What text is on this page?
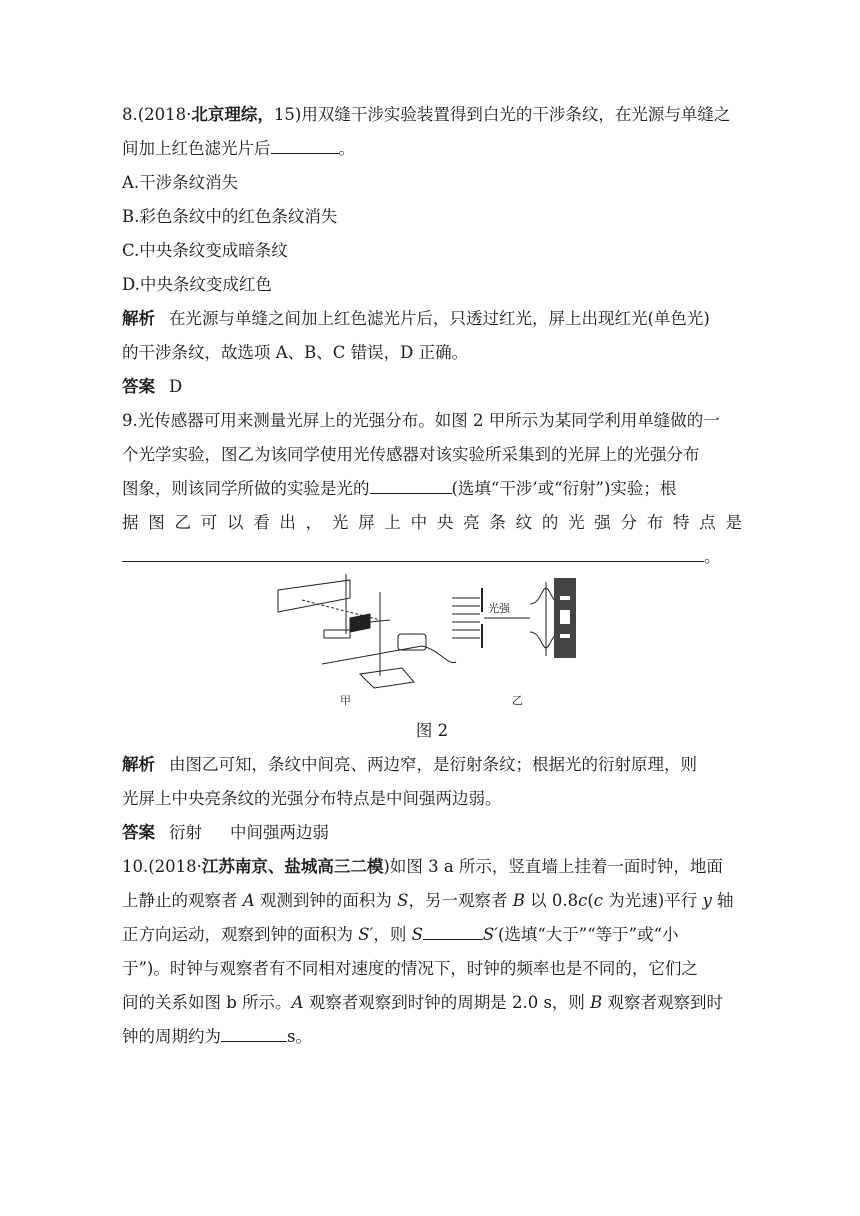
8.(2018·北京理综，15)用双缝干涉实验装置得到白光的干涉条纹，在光源与单缝之
间加上红色滤光片后	。
A.干涉条纹消失
B.彩色条纹中的红色条纹消失
C.中央条纹变成暗条纹
D.中央条纹变成红色
解析 在光源与单缝之间加上红色滤光片后，只透过红光，屏上出现红光(单色光)
的干涉条纹，故选项 A、B、C 错误，D 正确。
答案 D
9.光传感器可用来测量光屏上的光强分布。如图 2 甲所示为某同学利用单缝做的一
个光学实验，图乙为该同学使用光传感器对该实验所采集到的光屏上的光强分布
图象，则该同学所做的实验是光的	(选填“干涉’或“衍射”)实验；根
据图乙可以看出，光屏上中央亮条纹的光强分布特点是
。
光强
甲	乙
图 2
解析 由图乙可知，条纹中间亮、两边窄，是衍射条纹；根据光的衍射原理，则
光屏上中央亮条纹的光强分布特点是中间强两边弱。
答案 衍射 中间强两边弱
10.(2018·江苏南京、盐城高三二模)如图 3 a 所示，竖直墙上挂着一面时钟，地面
上静止的观察者 A 观测到钟的面积为 S，另一观察者 B 以 0.8c(c 为光速)平行 y 轴
正方向运动，观察到钟的面积为 S′，则 S	S′(选填“大于”“等于”或“小
于”)。时钟与观察者有不同相对速度的情况下，时钟的频率也是不同的，它们之
间的关系如图 b 所示。A 观察者观察到时钟的周期是 2.0 s，则 B 观察者观察到时
钟的周期约为	s。
